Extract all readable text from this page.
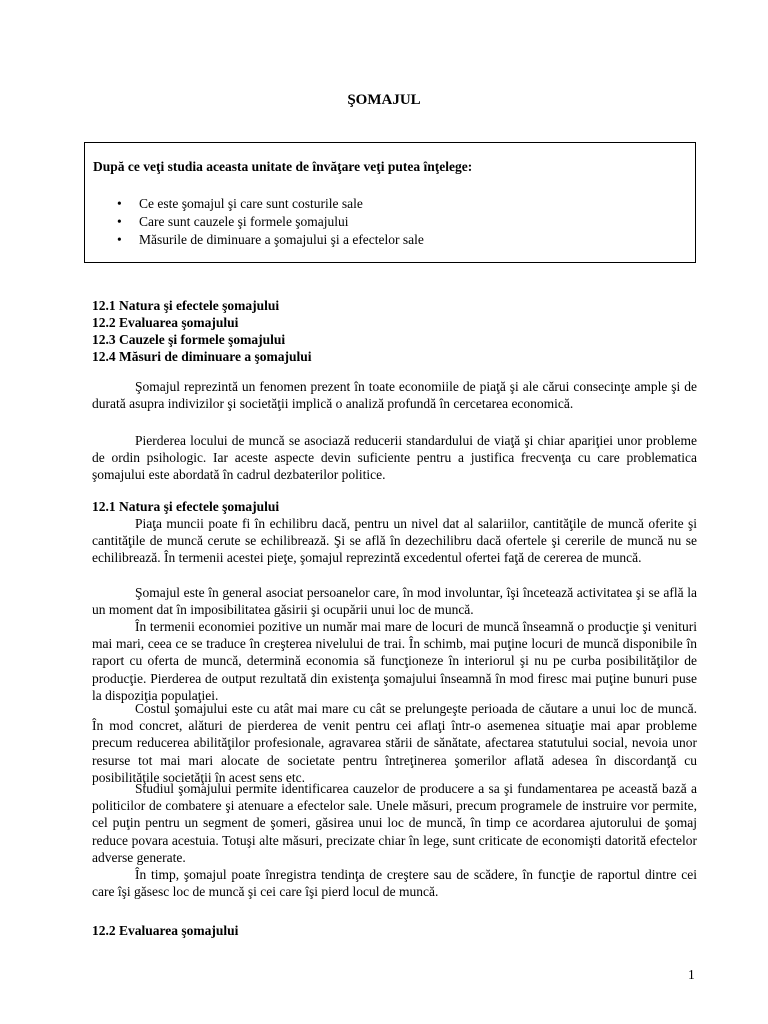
ŞOMAJUL
După ce veţi studia aceasta unitate de învăţare veţi putea înţelege:
• Ce este şomajul şi care sunt costurile sale
• Care sunt cauzele şi formele şomajului
• Măsurile de diminuare a şomajului şi a efectelor sale
12.1 Natura şi efectele şomajului
12.2 Evaluarea şomajului
12.3 Cauzele şi formele şomajului
12.4 Măsuri de diminuare a şomajului

Şomajul reprezintă un fenomen prezent în toate economiile de piaţă şi ale cărui consecinţe ample şi de durată asupra indivizilor şi societăţii implică o analiză profundă în cercetarea economică.

Pierderea locului de muncă se asociază reducerii standardului de viaţă şi chiar apariţiei unor probleme de ordin psihologic. Iar aceste aspecte devin suficiente pentru a justifica frecvenţa cu care problematica şomajului este abordată în cadrul dezbaterilor politice.

12.1 Natura şi efectele şomajului

Piaţa muncii poate fi în echilibru dacă, pentru un nivel dat al salariilor, cantităţile de muncă oferite şi cantităţile de muncă cerute se echilibrează. Şi se află în dezechilibru dacă ofertele şi cererile de muncă nu se echilibrează. În termenii acestei pieţe, şomajul reprezintă excedentul ofertei faţă de cererea de muncă.

Şomajul este în general asociat persoanelor care, în mod involuntar, îşi încetează activitatea şi se află la un moment dat în imposibilitatea găsirii şi ocupării unui loc de muncă.

În termenii economiei pozitive un număr mai mare de locuri de muncă înseamnă o producţie şi venituri mai mari, ceea ce se traduce în creşterea nivelului de trai. În schimb, mai puţine locuri de muncă disponibile în raport cu oferta de muncă, determină economia să funcţioneze în interiorul şi nu pe curba posibilităţilor de producţie. Pierderea de output rezultată din existenţa şomajului înseamnă în mod firesc mai puţine bunuri puse la dispoziţia populaţiei.

Costul şomajului este cu atât mai mare cu cât se prelungeşte perioada de căutare a unui loc de muncă. În mod concret, alături de pierderea de venit pentru cei aflaţi într-o asemenea situaţie mai apar probleme precum reducerea abilităţilor profesionale, agravarea stării de sănătate, afectarea statutului social, nevoia unor resurse tot mai mari alocate de societate pentru întreţinerea şomerilor aflată adesea în discordanţă cu posibilităţile societăţii în acest sens etc.

Studiul şomajului permite identificarea cauzelor de producere a sa şi fundamentarea pe această bază a politicilor de combatere şi atenuare a efectelor sale. Unele măsuri, precum programele de instruire vor permite, cel puţin pentru un segment de şomeri, găsirea unui loc de muncă, în timp ce acordarea ajutorului de şomaj reduce povara acestuia. Totuşi alte măsuri, precizate chiar în lege, sunt criticate de economişti datorită efectelor adverse generate.

În timp, şomajul poate înregistra tendinţa de creştere sau de scădere, în funcţie de raportul dintre cei care îşi găsesc loc de muncă şi cei care îşi pierd locul de muncă.

12.2 Evaluarea şomajului

1
